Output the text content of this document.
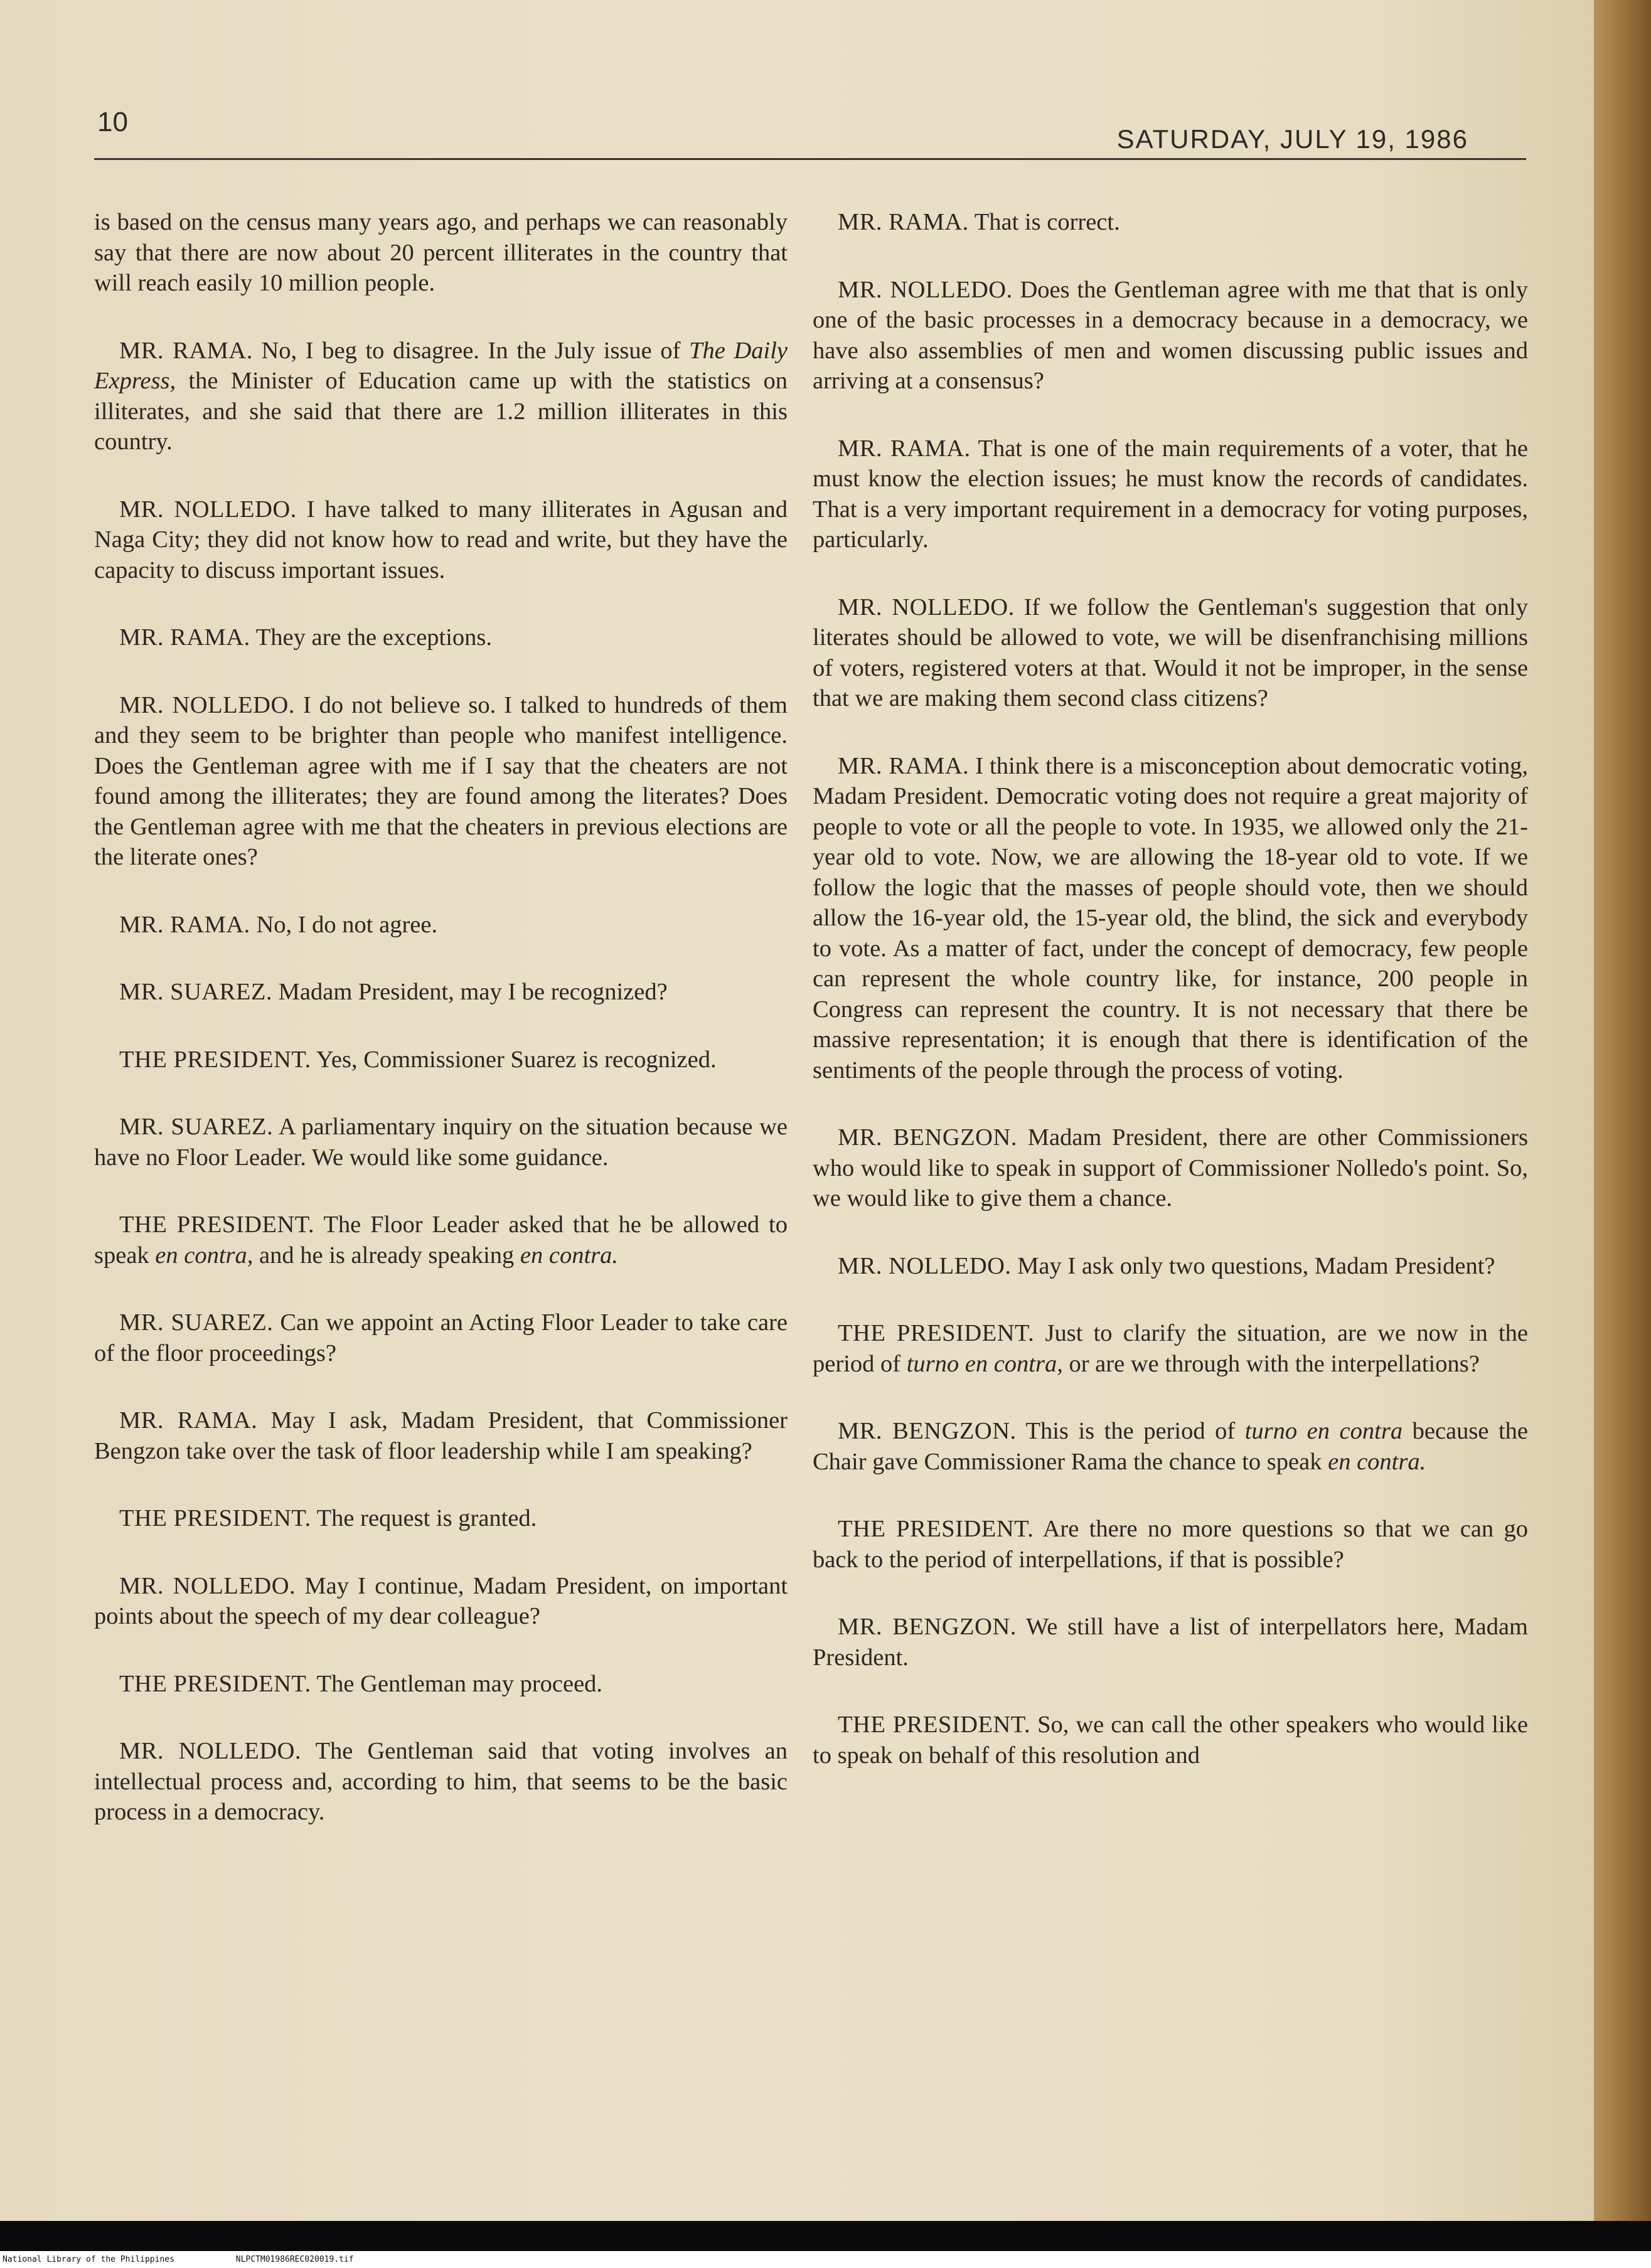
10
SATURDAY, JULY 19, 1986

is based on the census many years ago, and perhaps we can reasonably say that there are now about 20 percent illiterates in the country that will reach easily 10 million people.

MR. RAMA. No, I beg to disagree. In the July issue of The Daily Express, the Minister of Education came up with the statistics on illiterates, and she said that there are 1.2 million illiterates in this country.

MR. NOLLEDO. I have talked to many illiterates in Agusan and Naga City; they did not know how to read and write, but they have the capacity to discuss important issues.

MR. RAMA. They are the exceptions.

MR. NOLLEDO. I do not believe so. I talked to hundreds of them and they seem to be brighter than people who manifest intelligence. Does the Gentleman agree with me if I say that the cheaters are not found among the illiterates; they are found among the literates? Does the Gentleman agree with me that the cheaters in previous elections are the literate ones?

MR. RAMA. No, I do not agree.

MR. SUAREZ. Madam President, may I be recognized?

THE PRESIDENT. Yes, Commissioner Suarez is recognized.

MR. SUAREZ. A parliamentary inquiry on the situation because we have no Floor Leader. We would like some guidance.

THE PRESIDENT. The Floor Leader asked that he be allowed to speak en contra, and he is already speaking en contra.

MR. SUAREZ. Can we appoint an Acting Floor Leader to take care of the floor proceedings?

MR. RAMA. May I ask, Madam President, that Commissioner Bengzon take over the task of floor leadership while I am speaking?

THE PRESIDENT. The request is granted.

MR. NOLLEDO. May I continue, Madam President, on important points about the speech of my dear colleague?

THE PRESIDENT. The Gentleman may proceed.

MR. NOLLEDO. The Gentleman said that voting involves an intellectual process and, according to him, that seems to be the basic process in a democracy.

MR. RAMA. That is correct.

MR. NOLLEDO. Does the Gentleman agree with me that that is only one of the basic processes in a democracy because in a democracy, we have also assemblies of men and women discussing public issues and arriving at a consensus?

MR. RAMA. That is one of the main requirements of a voter, that he must know the election issues; he must know the records of candidates. That is a very important requirement in a democracy for voting purposes, particularly.

MR. NOLLEDO. If we follow the Gentleman's suggestion that only literates should be allowed to vote, we will be disenfranchising millions of voters, registered voters at that. Would it not be improper, in the sense that we are making them second class citizens?

MR. RAMA. I think there is a misconception about democratic voting, Madam President. Democratic voting does not require a great majority of people to vote or all the people to vote. In 1935, we allowed only the 21-year old to vote. Now, we are allowing the 18-year old to vote. If we follow the logic that the masses of people should vote, then we should allow the 16-year old, the 15-year old, the blind, the sick and everybody to vote. As a matter of fact, under the concept of democracy, few people can represent the whole country like, for instance, 200 people in Congress can represent the country. It is not necessary that there be massive representation; it is enough that there is identification of the sentiments of the people through the process of voting.

MR. BENGZON. Madam President, there are other Commissioners who would like to speak in support of Commissioner Nolledo's point. So, we would like to give them a chance.

MR. NOLLEDO. May I ask only two questions, Madam President?

THE PRESIDENT. Just to clarify the situation, are we now in the period of turno en contra, or are we through with the interpellations?

MR. BENGZON. This is the period of turno en contra because the Chair gave Commissioner Rama the chance to speak en contra.

THE PRESIDENT. Are there no more questions so that we can go back to the period of interpellations, if that is possible?

MR. BENGZON. We still have a list of interpellators here, Madam President.

THE PRESIDENT. So, we can call the other speakers who would like to speak on behalf of this resolution and

National Library of the Philippines	NLPCTM01986REC020019.tif
